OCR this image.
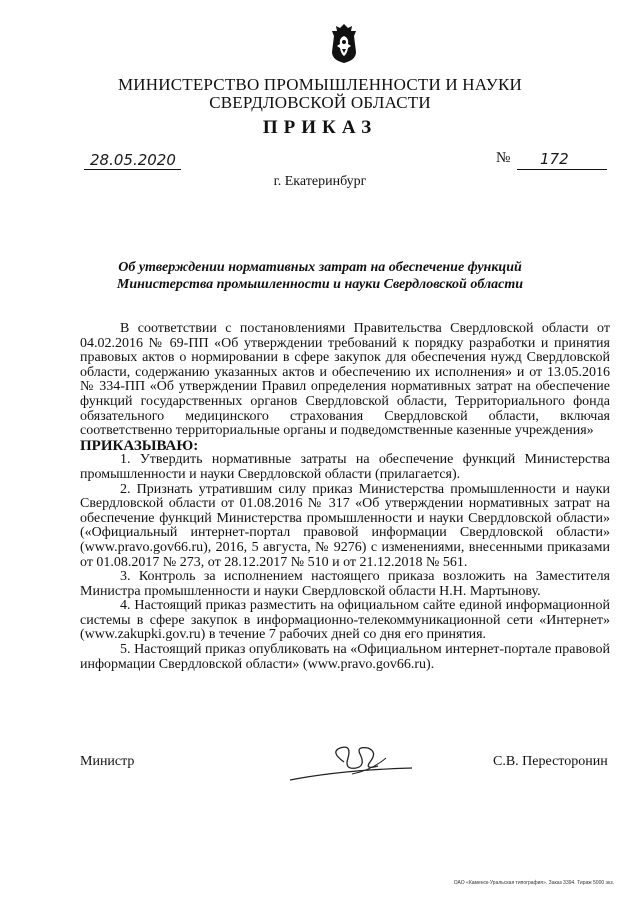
МИНИСТЕРСТВО ПРОМЫШЛЕННОСТИ И НАУКИ
СВЕРДЛОВСКОЙ ОБЛАСТИ
ПРИКАЗ
28.05.2020	№ 172
г. Екатеринбург
Об утверждении нормативных затрат на обеспечение функций
Министерства промышленности и науки Свердловской области

В соответствии с постановлениями Правительства Свердловской области от 04.02.2016 № 69-ПП «Об утверждении требований к порядку разработки и принятия правовых актов о нормировании в сфере закупок для обеспечения нужд Свердловской области, содержанию указанных актов и обеспечению их исполнения» и от 13.05.2016 № 334-ПП «Об утверждении Правил определения нормативных затрат на обеспечение функций государственных органов Свердловской области, Территориального фонда обязательного медицинского страхования Свердловской области, включая соответственно территориальные органы и подведомственные казенные учреждения»

ПРИКАЗЫВАЮ:

1. Утвердить нормативные затраты на обеспечение функций Министерства промышленности и науки Свердловской области (прилагается).

2. Признать утратившим силу приказ Министерства промышленности и науки Свердловской области от 01.08.2016 № 317 «Об утверждении нормативных затрат на обеспечение функций Министерства промышленности и науки Свердловской области» («Официальный интернет-портал правовой информации Свердловской области» (www.pravo.gov66.ru), 2016, 5 августа, № 9276) с изменениями, внесенными приказами от 01.08.2017 № 273, от 28.12.2017 № 510 и от 21.12.2018 № 561.

3. Контроль за исполнением настоящего приказа возложить на Заместителя Министра промышленности и науки Свердловской области Н.Н. Мартынову.

4. Настоящий приказ разместить на официальном сайте единой информационной системы в сфере закупок в информационно-телекоммуникационной сети «Интернет» (www.zakupki.gov.ru) в течение 7 рабочих дней со дня его принятия.

5. Настоящий приказ опубликовать на «Официальном интернет-портале правовой информации Свердловской области» (www.pravo.gov66.ru).

Министр	С.В. Пересторонин
ОАО «Каменск-Уральская типография». Заказ 3394. Тираж 5000 экз.
